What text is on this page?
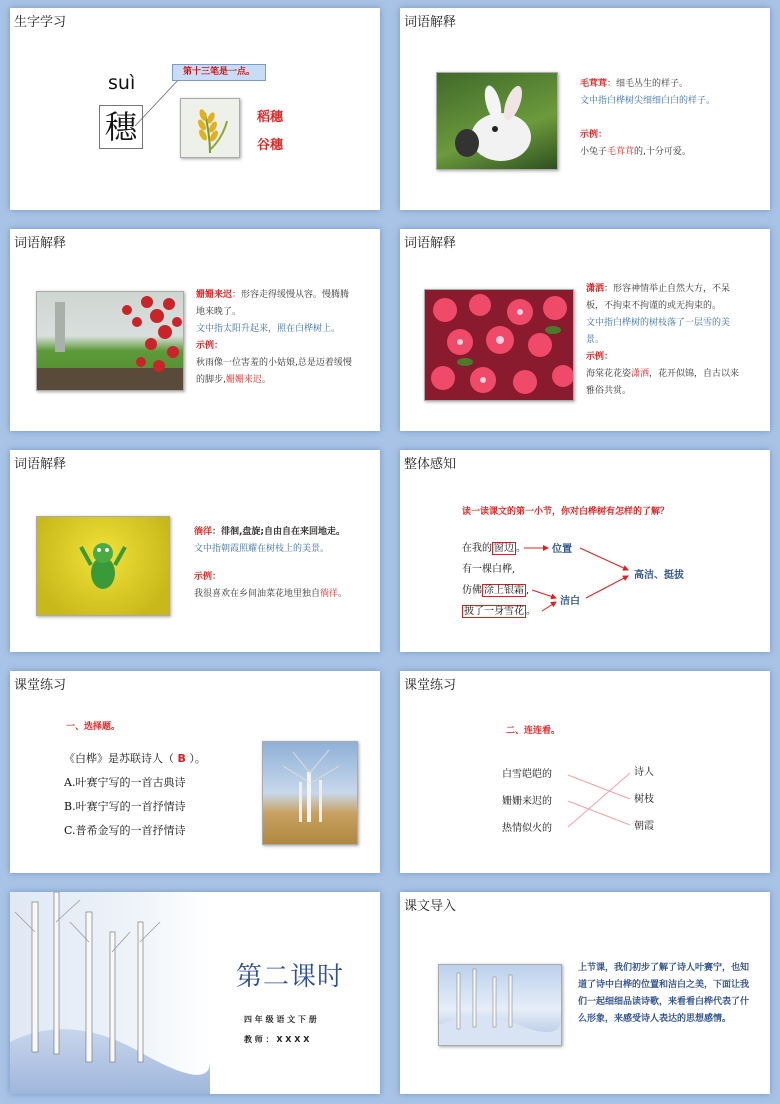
生字学习
suì
穗
第十三笔是一点。
稻穗
谷穗
词语解释
毛茸茸：细毛丛生的样子。
文中指白桦树尖细细白白的样子。
示例：
小兔子毛茸茸的,十分可爱。
词语解释
姗姗来迟：形容走得缓慢从容。慢腾腾地来晚了。
文中指太阳升起来，照在白桦树上。
示例：
秋雨像一位害羞的小姑娘,总是迈着缓慢的脚步,姗姗来迟。
词语解释
潇洒：形容神情举止自然大方，不呆板，不拘束不拘谨的或无拘束的。
文中指白桦树的树枝落了一层雪的美景。
示例：
海棠花花姿潇洒，花开似锦，自古以来雅俗共赏。
词语解释
徜徉：徘徊,盘旋;自由自在来回地走。
文中指朝霞照耀在树枝上的美景。
示例：
我很喜欢在乡间油菜花地里独自徜徉。
整体感知
读一读课文的第一小节，你对白桦树有怎样的了解？
在我的 窗边 。
有一棵白桦,
仿佛 涂上银霜 ,
披了一身雪花 。
位置
洁白
高洁、挺拔
课堂练习
一、选择题。
《白桦》是苏联诗人（ B ）。
A.叶赛宁写的一首古典诗
B.叶赛宁写的一首抒情诗
C.普希金写的一首抒情诗
课堂练习
二、连连看。
白雪皑皑的
姗姗来迟的
热情似火的
诗人
树枝
朝霞
第二课时
四 年 级 语 文 下 册
教 师 ： X X X X
课文导入
上节课，我们初步了解了诗人叶赛宁，也知道了诗中白桦的位置和洁白之美，下面让我们一起细细品读诗歌，来看看白桦代表了什么形象，来感受诗人表达的思想感情。
